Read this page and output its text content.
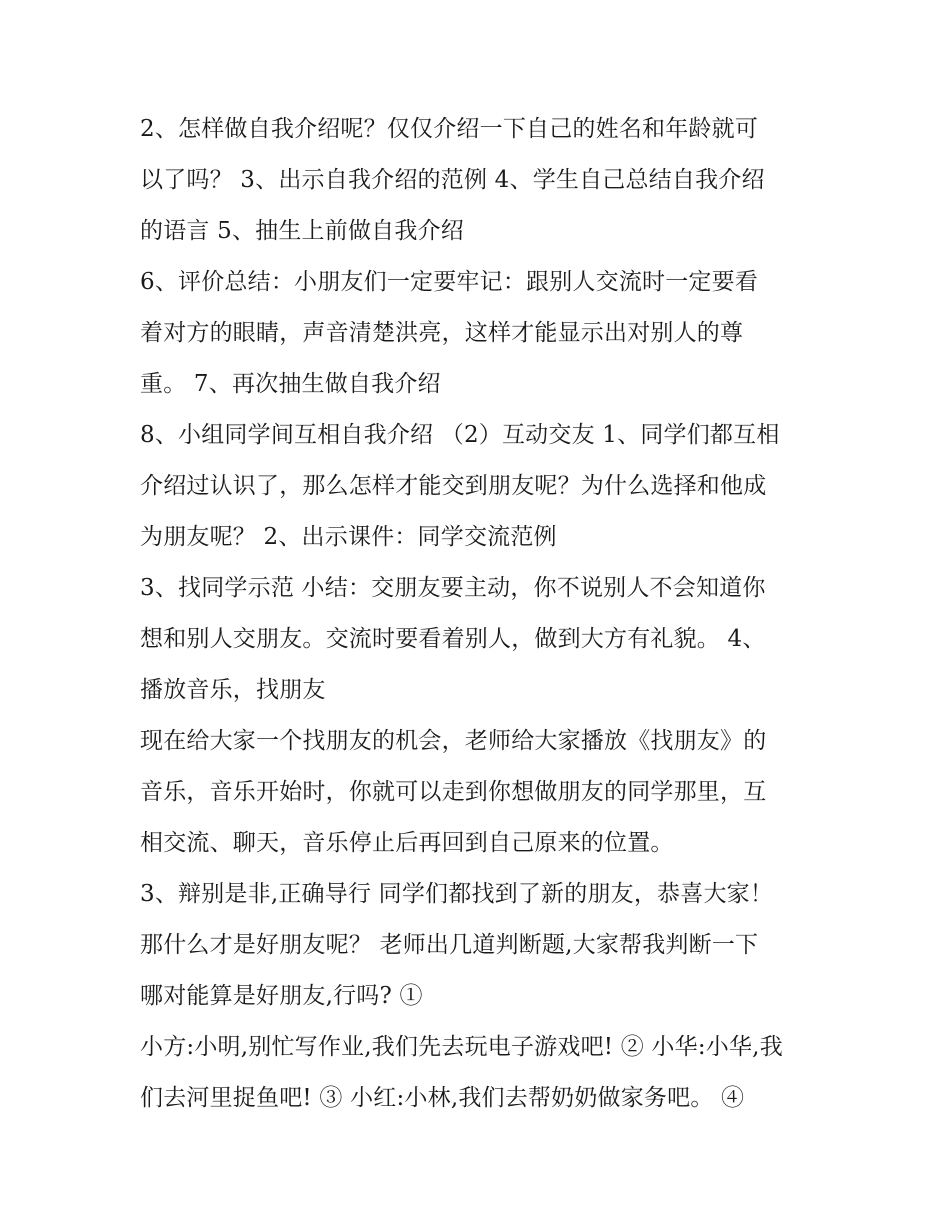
2、怎样做自我介绍呢？仅仅介绍一下自己的姓名和年龄就可
以了吗？ 3、出示自我介绍的范例 4、学生自己总结自我介绍
的语言 5、抽生上前做自我介绍
6、评价总结：小朋友们一定要牢记：跟别人交流时一定要看
着对方的眼睛，声音清楚洪亮，这样才能显示出对别人的尊
重。 7、再次抽生做自我介绍
8、小组同学间互相自我介绍 （2）互动交友 1、同学们都互相
介绍过认识了，那么怎样才能交到朋友呢？为什么选择和他成
为朋友呢？ 2、出示课件：同学交流范例
3、找同学示范 小结：交朋友要主动，你不说别人不会知道你
想和别人交朋友。交流时要看着别人，做到大方有礼貌。 4、
播放音乐，找朋友
现在给大家一个找朋友的机会，老师给大家播放《找朋友》的
音乐，音乐开始时，你就可以走到你想做朋友的同学那里，互
相交流、聊天，音乐停止后再回到自己原来的位置。
3、辩别是非,正确导行 同学们都找到了新的朋友，恭喜大家！
那什么才是好朋友呢？ 老师出几道判断题,大家帮我判断一下
哪对能算是好朋友,行吗? ①
小方:小明,别忙写作业,我们先去玩电子游戏吧! ② 小华:小华,我
们去河里捉鱼吧! ③ 小红:小林,我们去帮奶奶做家务吧。 ④
